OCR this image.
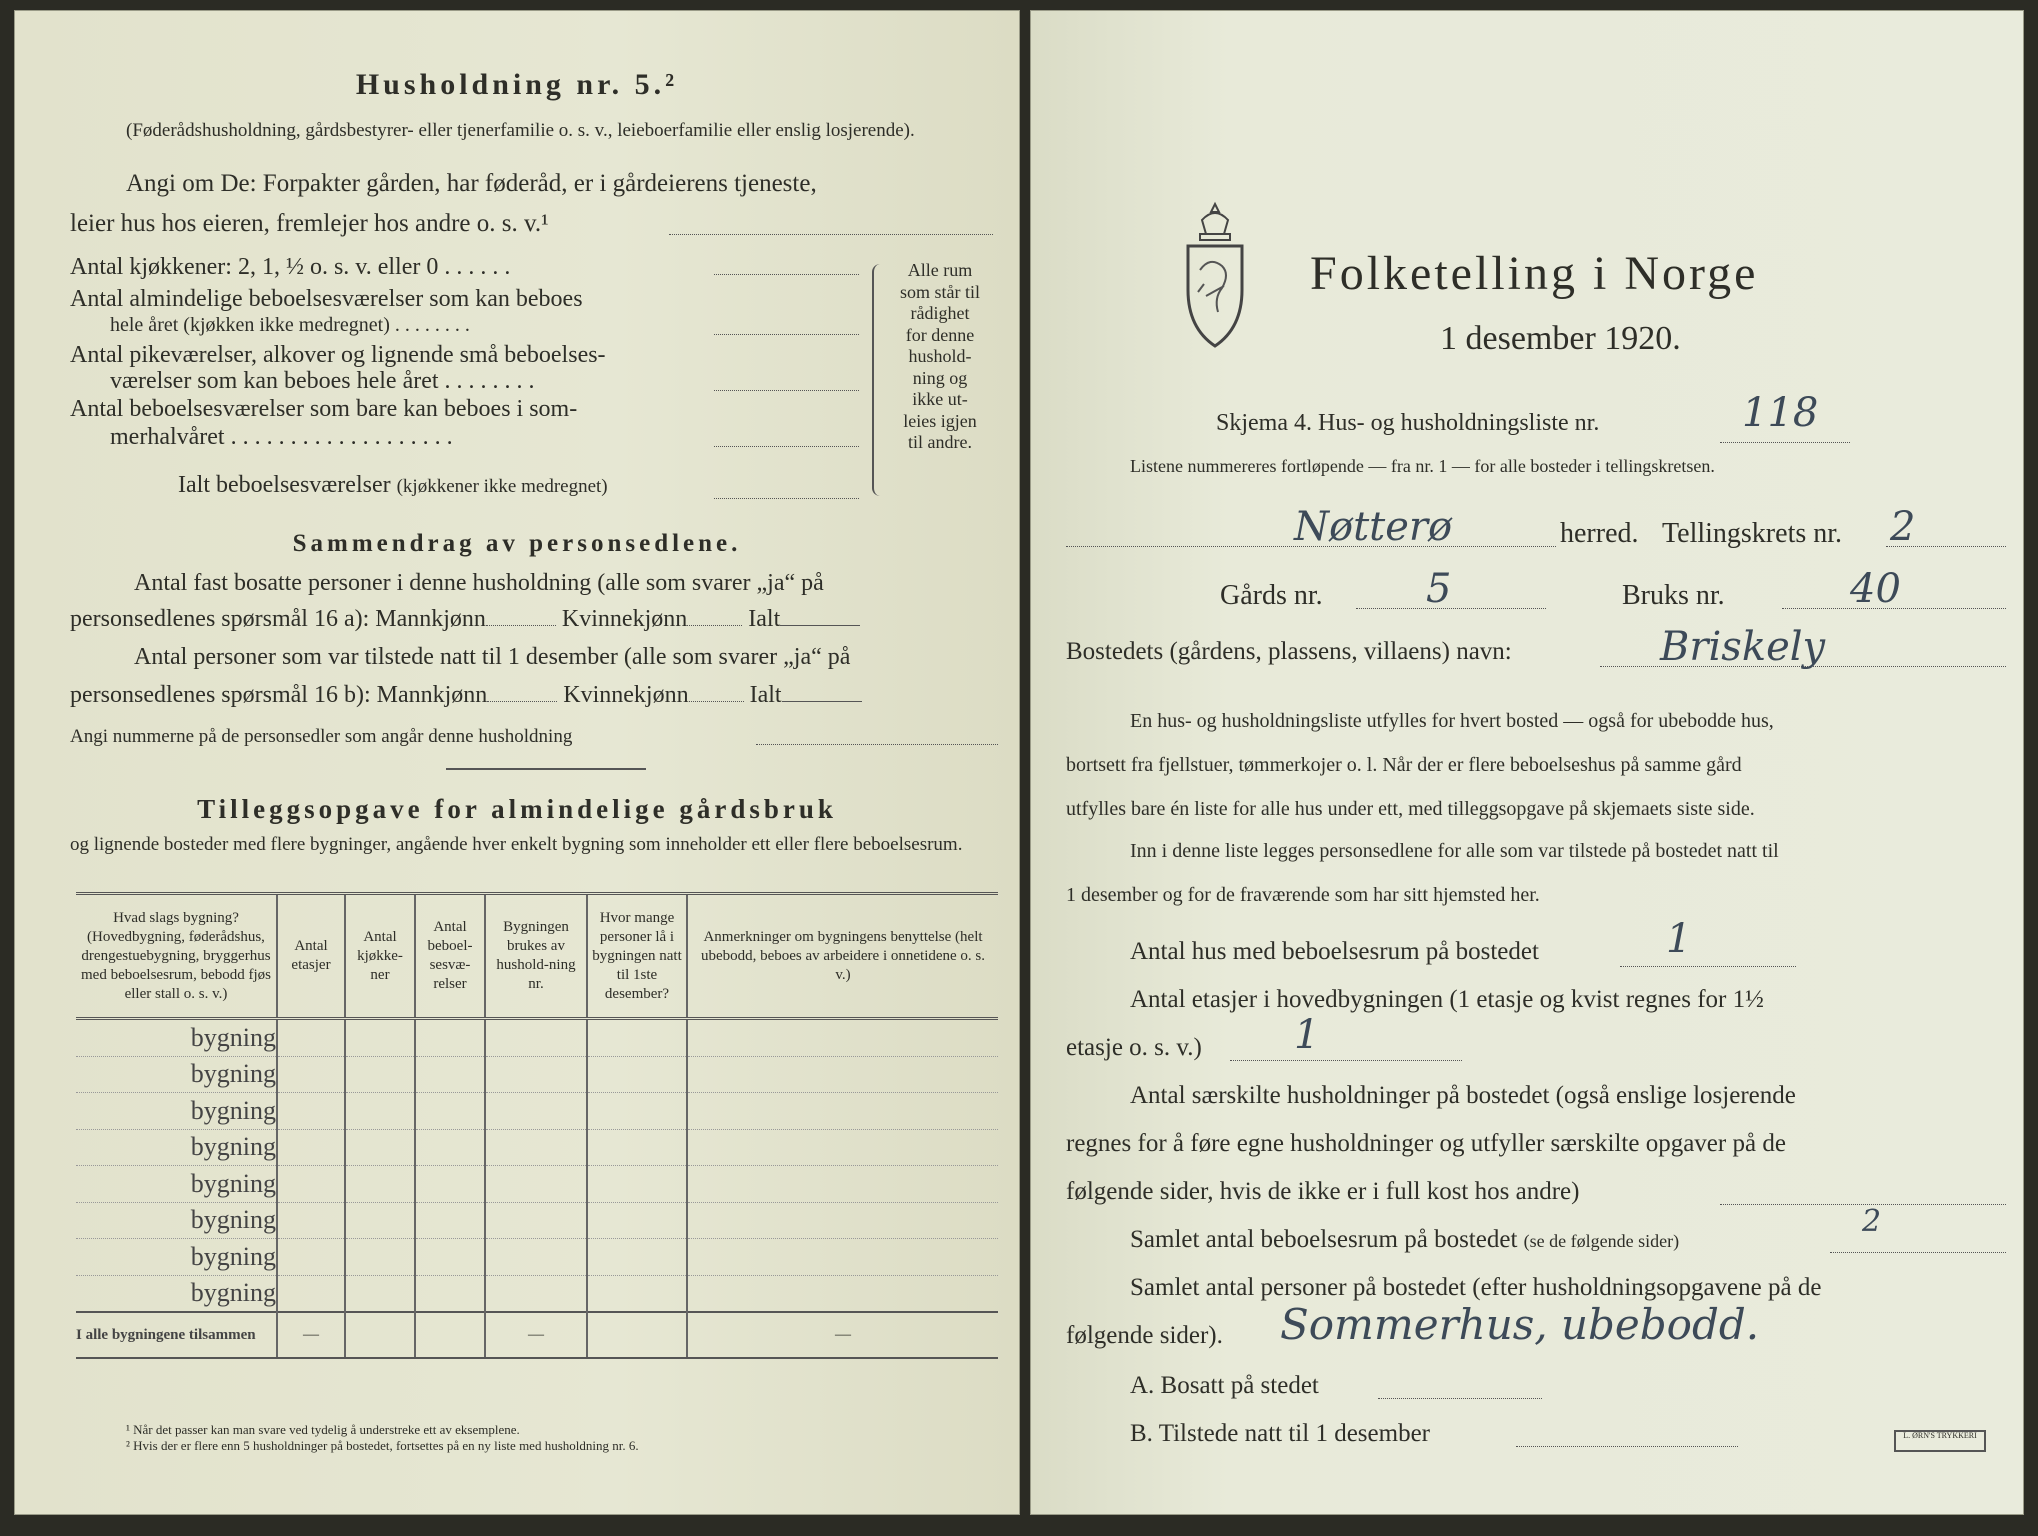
Husholdning nr. 5.²
(Føderådshusholdning, gårdsbestyrer- eller tjenerfamilie o. s. v., leieboerfamilie eller enslig losjerende).
Angi om De: Forpakter gården, har føderåd, er i gårdeierens tjeneste,
leier hus hos eieren, fremlejer hos andre o. s. v.¹
Antal kjøkkener: 2, 1, ½ o. s. v. eller 0 . . . . . .
Antal almindelige beboelsesværelser som kan beboes
hele året (kjøkken ikke medregnet) . . . . . . . .
Antal pikeværelser, alkover og lignende små beboelses-
værelser som kan beboes hele året . . . . . . . .
Antal beboelsesværelser som bare kan beboes i som-
merhalvåret . . . . . . . . . . . . . . . . . . .
Ialt beboelsesværelser (kjøkkener ikke medregnet)
Alle rum
som står til
rådighet
for denne
hushold-
ning og
ikke ut-
leies igjen
til andre.
Sammendrag av personsedlene.
Antal fast bosatte personer i denne husholdning (alle som svarer „ja“ på
personsedlenes spørsmål 16 a): Mannkjønn	Kvinnekjønn	Ialt
Antal personer som var tilstede natt til 1 desember (alle som svarer „ja“ på
personsedlenes spørsmål 16 b): Mannkjønn	Kvinnekjønn	Ialt
Angi nummerne på de personsedler som angår denne husholdning
Tilleggsopgave for almindelige gårdsbruk
og lignende bosteder med flere bygninger, angående hver enkelt bygning som inneholder ett eller flere beboelsesrum.
Hvad slags bygning? (Hovedbygning, føderådshus, drengestuebygning, bryggerhus med beboelsesrum, bebodd fjøs eller stall o. s. v.)	Antal etasjer	Antal kjøkke-ner	Antal beboel-sesvæ-relser	Bygningen brukes av hushold-ning nr.	Hvor mange personer lå i bygningen natt til 1ste desember?	Anmerkninger om bygningens benyttelse (helt ubebodd, beboes av arbeidere i onnetidene o. s. v.)
bygning						
bygning						
bygning						
bygning						
bygning						
bygning						
bygning						
bygning						
I alle bygningene tilsammen	—			—		—
¹ Når det passer kan man svare ved tydelig å understreke ett av eksemplene.
² Hvis der er flere enn 5 husholdninger på bostedet, fortsettes på en ny liste med husholdning nr. 6.
Folketelling i Norge
1 desember 1920.
Skjema 4. Hus- og husholdningsliste nr.	118
Listene nummereres fortløpende — fra nr. 1 — for alle bosteder i tellingskretsen.
Nøtterø	herred. Tellingskrets nr. 2
Gårds nr.	5	Bruks nr.	40
Bostedets (gårdens, plassens, villaens) navn:	Briskely
En hus- og husholdningsliste utfylles for hvert bosted — også for ubebodde hus,
bortsett fra fjellstuer, tømmerkojer o. l. Når der er flere beboelseshus på samme gård
utfylles bare én liste for alle hus under ett, med tilleggsopgave på skjemaets siste side.
Inn i denne liste legges personsedlene for alle som var tilstede på bostedet natt til
1 desember og for de fraværende som har sitt hjemsted her.
Antal hus med beboelsesrum på bostedet	1
Antal etasjer i hovedbygningen (1 etasje og kvist regnes for 1½
etasje o. s. v.) 1
Antal særskilte husholdninger på bostedet (også enslige losjerende
regnes for å føre egne husholdninger og utfyller særskilte opgaver på de
følgende sider, hvis de ikke er i full kost hos andre)
Samlet antal beboelsesrum på bostedet (se de følgende sider)
2
Samlet antal personer på bostedet (efter husholdningsopgavene på de
følgende sider). Sommerhus, ubebodd.
A. Bosatt på stedet
B. Tilstede natt til 1 desember	L. ØRN'S TRYKKERI
